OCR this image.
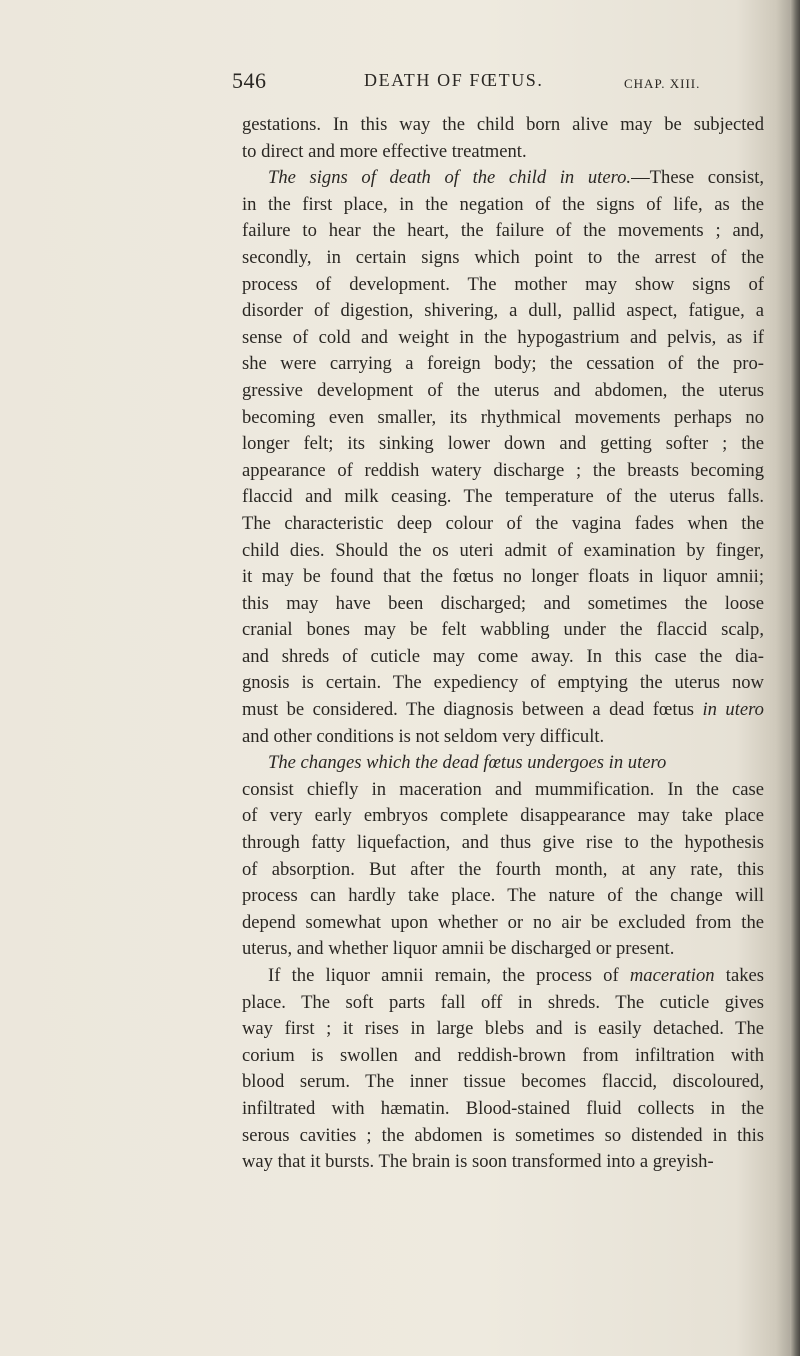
546	DEATH OF FŒTUS.	CHAP. XIII.

gestations. In this way the child born alive may be subjected
to direct and more effective treatment.

The signs of death of the child in utero.—These consist,
in the first place, in the negation of the signs of life, as the
failure to hear the heart, the failure of the movements ; and,
secondly, in certain signs which point to the arrest of the
process of development. The mother may show signs of
disorder of digestion, shivering, a dull, pallid aspect, fatigue, a
sense of cold and weight in the hypogastrium and pelvis, as if
she were carrying a foreign body; the cessation of the pro-
gressive development of the uterus and abdomen, the uterus
becoming even smaller, its rhythmical movements perhaps no
longer felt; its sinking lower down and getting softer ; the
appearance of reddish watery discharge ; the breasts becoming
flaccid and milk ceasing. The temperature of the uterus falls.
The characteristic deep colour of the vagina fades when the
child dies. Should the os uteri admit of examination by finger,
it may be found that the fœtus no longer floats in liquor amnii;
this may have been discharged; and sometimes the loose
cranial bones may be felt wabbling under the flaccid scalp,
and shreds of cuticle may come away. In this case the dia-
gnosis is certain. The expediency of emptying the uterus now
must be considered. The diagnosis between a dead fœtus in utero
and other conditions is not seldom very difficult.

The changes which the dead fœtus undergoes in utero
consist chiefly in maceration and mummification. In the case
of very early embryos complete disappearance may take place
through fatty liquefaction, and thus give rise to the hypothesis
of absorption. But after the fourth month, at any rate, this
process can hardly take place. The nature of the change will
depend somewhat upon whether or no air be excluded from the
uterus, and whether liquor amnii be discharged or present.

If the liquor amnii remain, the process of maceration takes
place. The soft parts fall off in shreds. The cuticle gives
way first ; it rises in large blebs and is easily detached. The
corium is swollen and reddish-brown from infiltration with
blood serum. The inner tissue becomes flaccid, discoloured,
infiltrated with hæmatin. Blood-stained fluid collects in the
serous cavities ; the abdomen is sometimes so distended in this
way that it bursts. The brain is soon transformed into a greyish-
